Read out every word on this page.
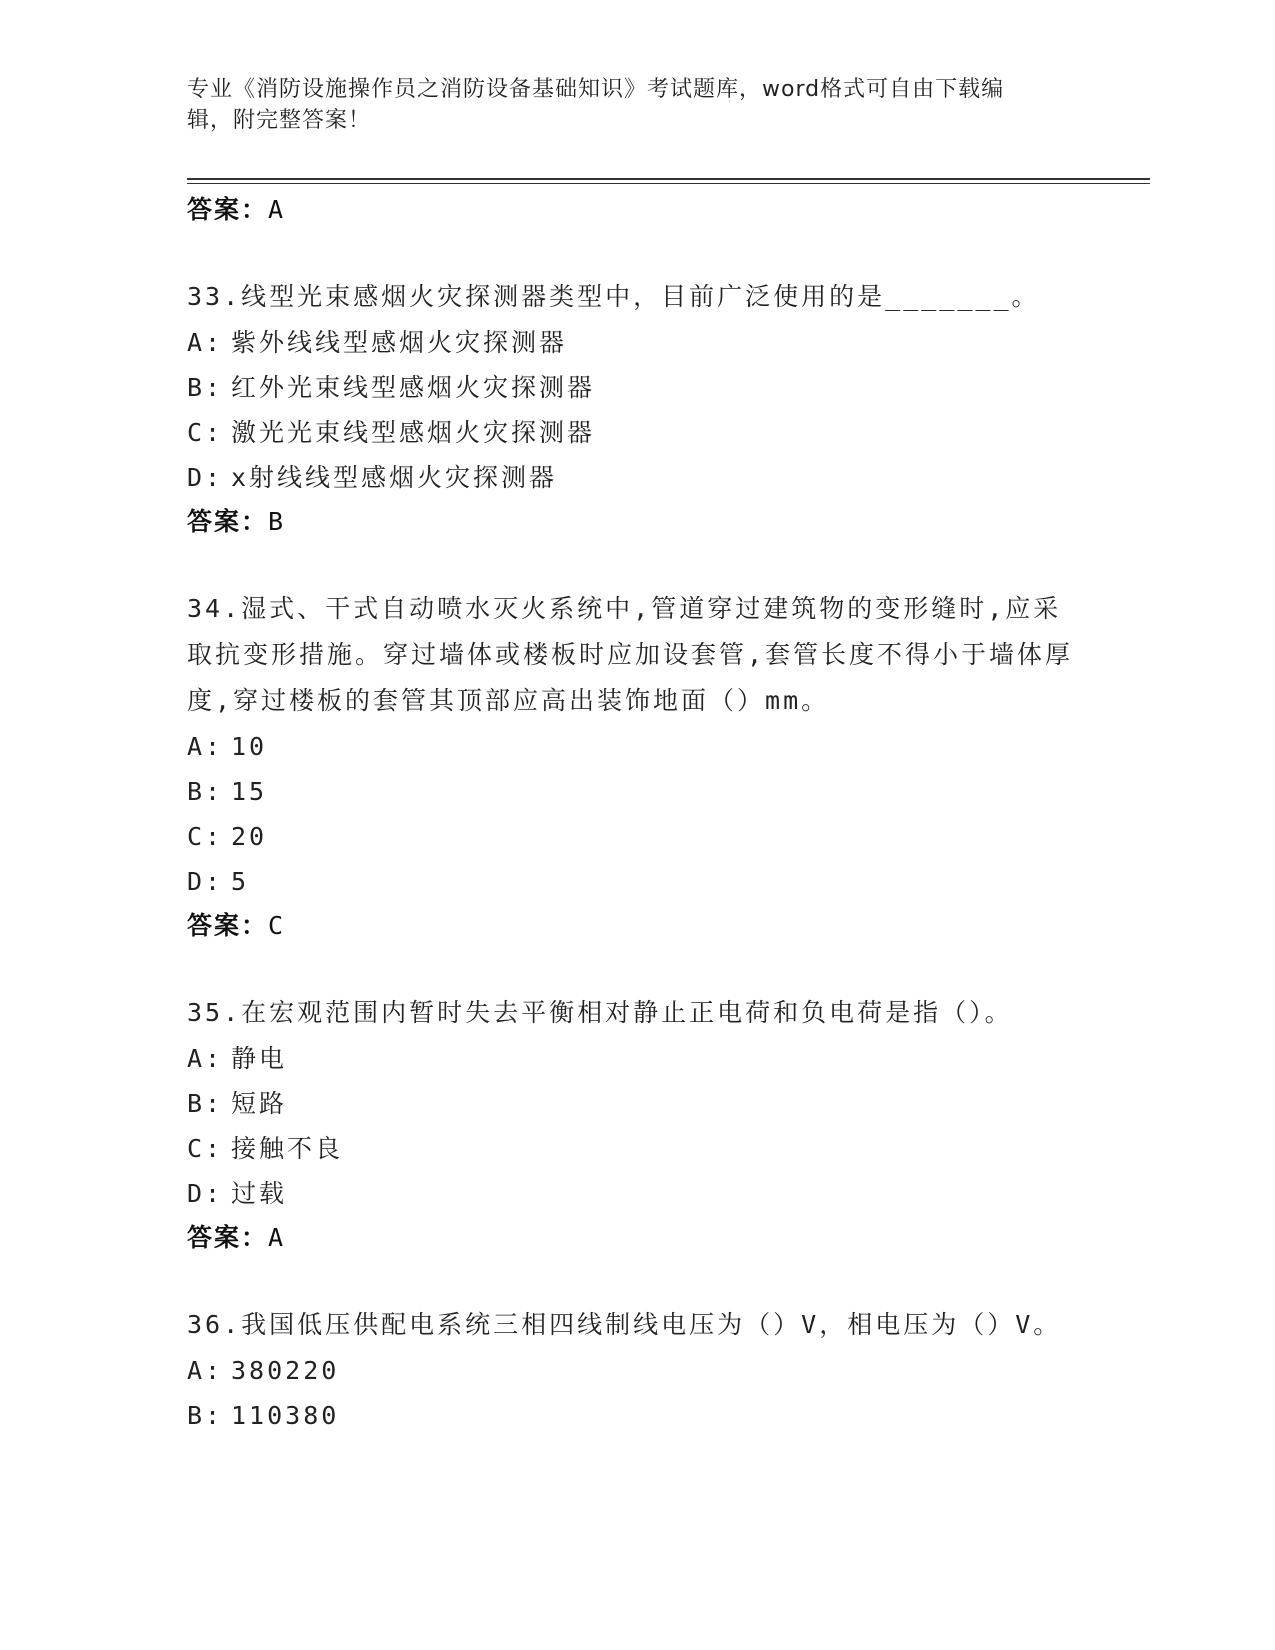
专业《消防设施操作员之消防设备基础知识》考试题库，word格式可自由下载编
辑，附完整答案！
答案：A

33.线型光束感烟火灾探测器类型中，目前广泛使用的是_______。

A: 紫外线线型感烟火灾探测器

B: 红外光束线型感烟火灾探测器

C: 激光光束线型感烟火灾探测器

D: x射线线型感烟火灾探测器

答案：B

34.湿式、干式自动喷水灭火系统中,管道穿过建筑物的变形缝时,应采取抗变形措施。穿过墙体或楼板时应加设套管,套管长度不得小于墙体厚度,穿过楼板的套管其顶部应高出装饰地面（）mm。

A: 10

B: 15

C: 20

D: 5

答案：C

35.在宏观范围内暂时失去平衡相对静止正电荷和负电荷是指（）。

A: 静电

B: 短路

C: 接触不良

D: 过载

答案：A

36.我国低压供配电系统三相四线制线电压为（）V，相电压为（）V。

A: 380220

B: 110380
